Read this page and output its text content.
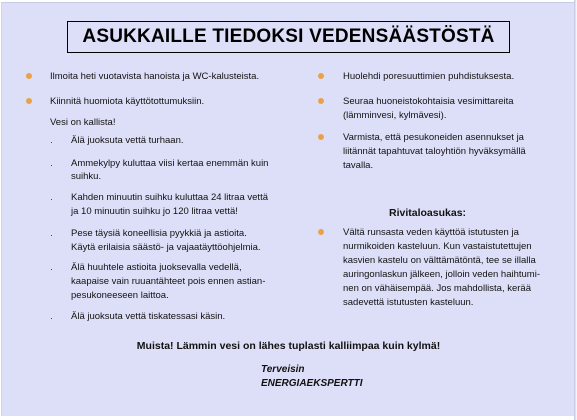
ASUKKAILLE TIEDOKSI VEDENSÄÄSTÖSTÄ
Ilmoita heti vuotavista hanoista ja WC-kalusteista.
Kiinnitä huomiota käyttötottumuksiin.
Vesi on kallista!
· Älä juoksuta vettä turhaan.
· Ammekylpy kuluttaa viisi kertaa enemmän kuin
suihku.
· Kahden minuutin suihku kuluttaa 24 litraa vettä
ja 10 minuutin suihku jo 120 litraa vettä!
· Pese täysiä koneellisia pyykkiä ja astioita.
Käytä erilaisia säästö- ja vajaatäyttöohjelmia.
· Älä huuhtele astioita juoksevalla vedellä,
kaapaise vain ruuantähteet pois ennen astian-
pesukoneeseen laittoa.
· Älä juoksuta vettä tiskatessasi käsin.
Huolehdi poresuuttimien puhdistuksesta.
Seuraa huoneistokohtaisia vesimittareita
(lämminvesi, kylmävesi).
Varmista, että pesukoneiden asennukset ja
liitännät tapahtuvat taloyhtiön hyväksymällä
tavalla.
Rivitaloasukas:
Vältä runsasta veden käyttöä istutusten ja
nurmikoiden kasteluun. Kun vastaistutettujen
kasvien kastelu on välttämätöntä, tee se illalla
auringonlaskun jälkeen, jolloin veden haihtumi-
nen on vähäisempää. Jos mahdollista, kerää
sadevettä istutusten kasteluun.
Muista! Lämmin vesi on lähes tuplasti kalliimpaa kuin kylmä!
Terveisin
ENERGIAEKSPERTTI
